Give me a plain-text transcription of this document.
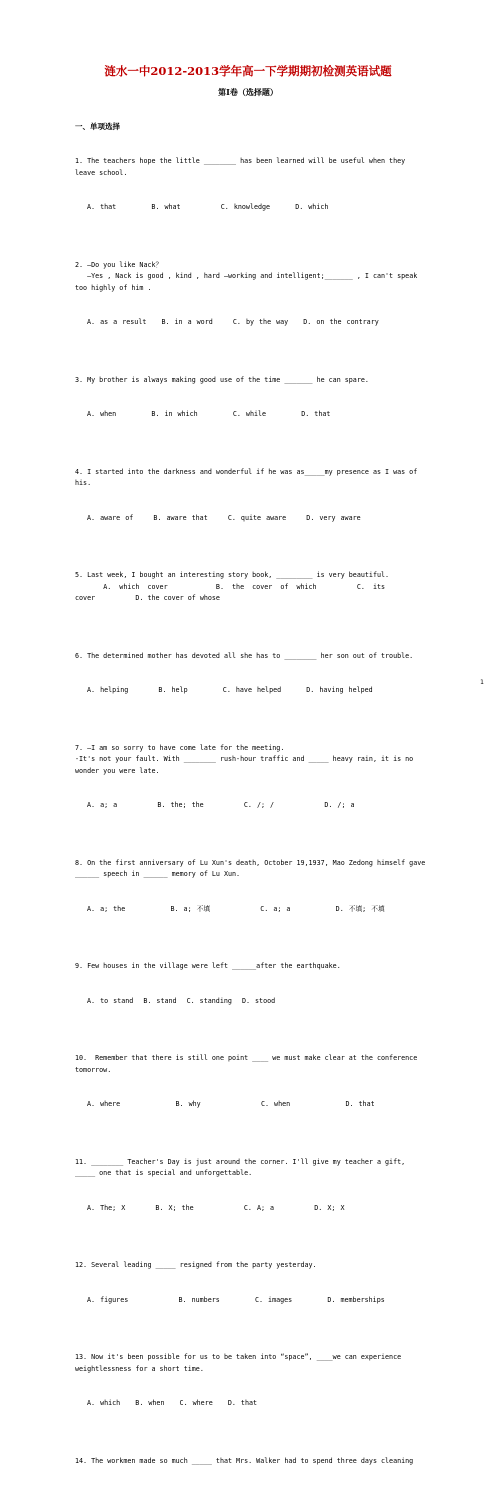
涟水一中2012-2013学年高一下学期期初检测英语试题
第Ⅰ卷（选择题）
一、单项选择

1. The teachers hope the little ________ has been learned will be useful when they leave school.

A. that       B. what        C. knowledge     D. which

2. —Do you like Nack？
—Yes , Nack is good , kind , hard –working and intelligent;_______ , I can't speak too highly of him .

A. as a result   B. in a word    C. by the way   D. on the contrary

3. My brother is always making good use of the time _______ he can spare.

A. when       B. in which       C. while       D. that

4. I started into the darkness and wonderful if he was as_____my presence as I was of his.

A. aware of    B. aware that    C. quite aware    D. very aware

5. Last week, I bought an interesting story book, _________ is very beautiful.
A.  which  cover            B.  the  cover  of  which          C.  its
cover          D. the cover of whose

6. The determined mother has devoted all she has to ________ her son out of trouble.

A. helping      B. help       C. have helped     D. having helped

7. –I am so sorry to have come late for the meeting.
-It's not your fault. With ________ rush-hour traffic and _____ heavy rain, it is no wonder you were late.

A. a; a        B. the; the        C. /; /          D. /; a

8. On the first anniversary of Lu Xun's death, October 19,1937, Mao Zedong himself gave ______ speech in ______ memory of Lu Xun.

A. a; the         B. a; 不填          C. a; a         D. 不填; 不填

9. Few houses in the village were left ______after the earthquake.

A. to stand  B. stand  C. standing  D. stood

10.  Remember that there is still one point ____ we must make clear at the conference tomorrow.

A. where           B. why            C. when           D. that

11. ________ Teacher's Day is just around the corner. I'll give my teacher a gift, _____ one that is special and unforgettable.

A. The; X      B. X; the          C. A; a        D. X; X

12. Several leading _____ resigned from the party yesterday.

A. figures          B. numbers       C. images       D. memberships

13. Now it's been possible for us to be taken into “space”, ____we can experience weightlessness for a short time.

A. which   B. when   C. where   D. that

14. The workmen made so much _____ that Mrs. Walker had to spend three days cleaning

1
